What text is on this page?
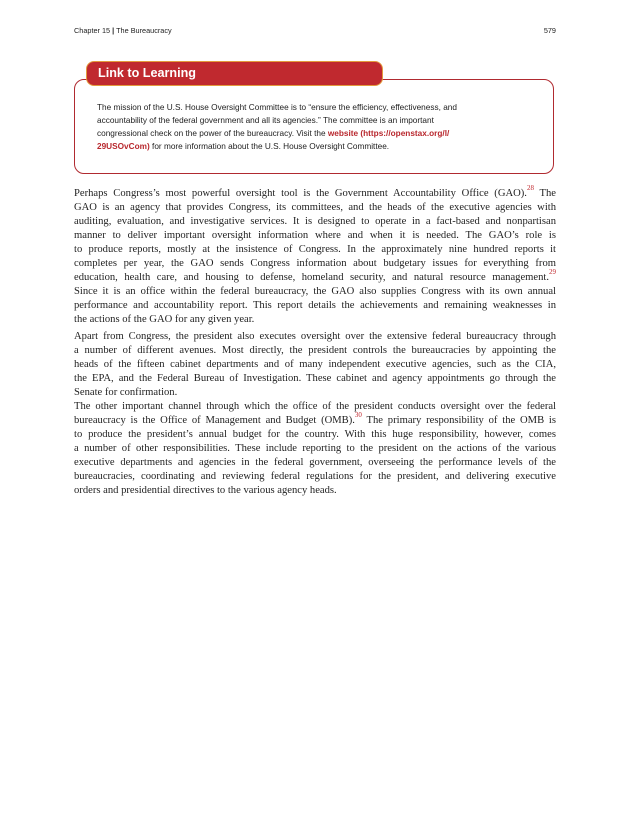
Chapter 15 | The Bureaucracy	579
Link to Learning
The mission of the U.S. House Oversight Committee is to “ensure the efficiency, effectiveness, and
accountability of the federal government and all its agencies.” The committee is an important
congressional check on the power of the bureaucracy. Visit the website (https://openstax.org/l/
29USOvCom) for more information about the U.S. House Oversight Committee.
Perhaps Congress’s most powerful oversight tool is the Government Accountability Office (GAO).$^{28}$ The
GAO is an agency that provides Congress, its committees, and the heads of the executive agencies with
auditing, evaluation, and investigative services. It is designed to operate in a fact-based and nonpartisan
manner to deliver important oversight information where and when it is needed. The GAO’s role is
to produce reports, mostly at the insistence of Congress. In the approximately nine hundred reports it
completes per year, the GAO sends Congress information about budgetary issues for everything from
education, health care, and housing to defense, homeland security, and natural resource management.$^{29}$
Since it is an office within the federal bureaucracy, the GAO also supplies Congress with its own annual
performance and accountability report. This report details the achievements and remaining weaknesses in
the actions of the GAO for any given year.
Apart from Congress, the president also executes oversight over the extensive federal bureaucracy through
a number of different avenues. Most directly, the president controls the bureaucracies by appointing the
heads of the fifteen cabinet departments and of many independent executive agencies, such as the CIA,
the EPA, and the Federal Bureau of Investigation. These cabinet and agency appointments go through the
Senate for confirmation.
The other important channel through which the office of the president conducts oversight over the federal
bureaucracy is the Office of Management and Budget (OMB).$^{30}$ The primary responsibility of the OMB is
to produce the president’s annual budget for the country. With this huge responsibility, however, comes
a number of other responsibilities. These include reporting to the president on the actions of the various
executive departments and agencies in the federal government, overseeing the performance levels of the
bureaucracies, coordinating and reviewing federal regulations for the president, and delivering executive
orders and presidential directives to the various agency heads.
